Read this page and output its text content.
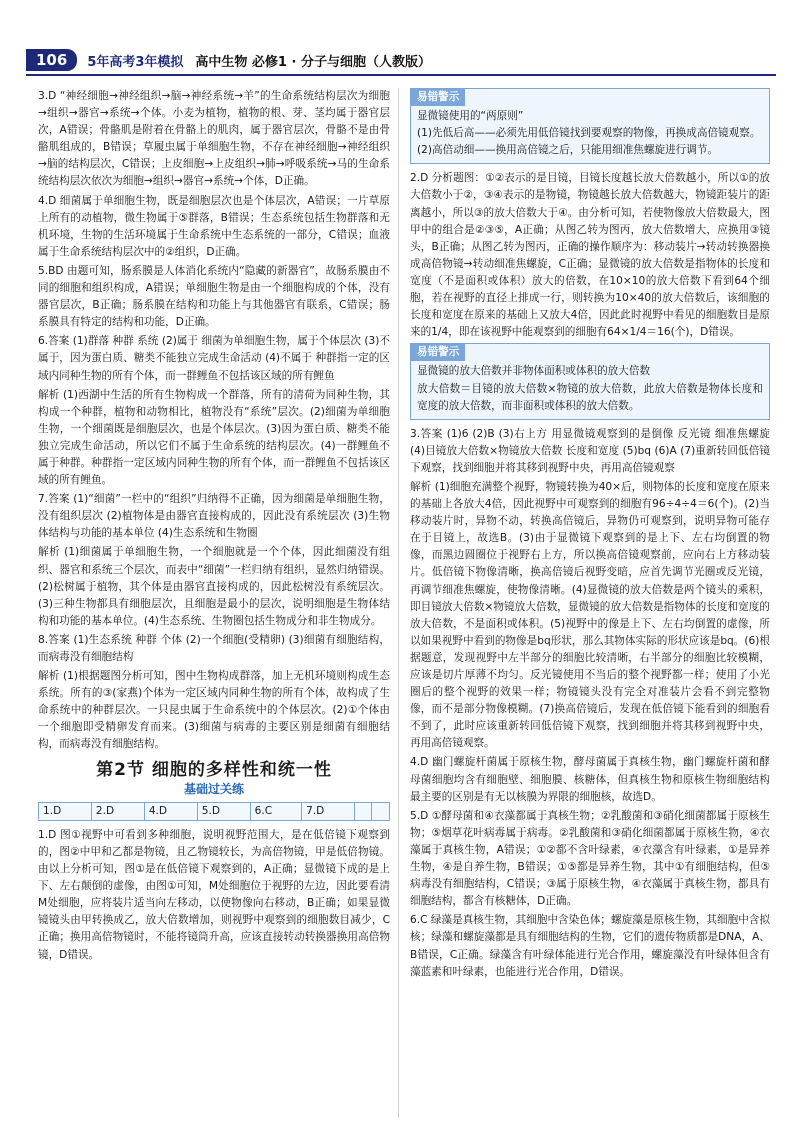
106	5年高考3年模拟 高中生物 必修1 · 分子与细胞（人教版）

3.D “神经细胞→神经组织→脑→神经系统→羊”的生命系统结构层次为细胞→组织→器官→系统→个体。小麦为植物，植物的根、芽、茎均属于器官层次，A错误；骨骼肌是附着在骨骼上的肌肉，属于器官层次，骨骼不是由骨骼肌组成的，B错误；草履虫属于单细胞生物，不存在神经细胞→神经组织→脑的结构层次，C错误；上皮细胞→上皮组织→肺→呼吸系统→马的生命系统结构层次依次为细胞→组织→器官→系统→个体，D正确。

4.D 细菌属于单细胞生物，既是细胞层次也是个体层次，A错误；一片草原上所有的动植物，微生物属于⑤群落，B错误；生态系统包括生物群落和无机环境，生物的生活环境属于生命系统中生态系统的一部分，C错误；血液属于生命系统结构层次中的②组织，D正确。

5.BD 由题可知，肠系膜是人体消化系统内“隐藏的新器官”，故肠系膜由不同的细胞和组织构成，A错误；单细胞生物是由一个细胞构成的个体，没有器官层次，B正确；肠系膜在结构和功能上与其他器官有联系，C错误；肠系膜具有特定的结构和功能，D正确。

6.答案 (1)群落 种群 系统 (2)属于 细菌为单细胞生物，属于个体层次 (3)不属于，因为蛋白质、糖类不能独立完成生命活动 (4)不属于 种群指一定的区域内同种生物的所有个体，而一群鲤鱼不包括该区域的所有鲤鱼

解析 (1)西湖中生活的所有生物构成一个群落，所有的清荷为同种生物，其构成一个种群，植物和动物相比，植物没有“系统”层次。(2)细菌为单细胞生物，一个细菌既是细胞层次，也是个体层次。(3)因为蛋白质、糖类不能独立完成生命活动，所以它们不属于生命系统的结构层次。(4)一群鲤鱼不属于种群。种群指一定区域内同种生物的所有个体，而一群鲤鱼不包括该区域的所有鲤鱼。

7.答案 (1)“细菌”一栏中的“组织”归纳得不正确，因为细菌是单细胞生物，没有组织层次 (2)植物体是由器官直接构成的，因此没有系统层次 (3)生物体结构与功能的基本单位 (4)生态系统和生物圈

解析 (1)细菌属于单细胞生物，一个细胞就是一个个体，因此细菌没有组织、器官和系统三个层次，而表中“细菌”一栏归纳有组织，显然归纳错误。(2)松树属于植物，其个体是由器官直接构成的，因此松树没有系统层次。(3)三种生物都具有细胞层次，且细胞是最小的层次，说明细胞是生物体结构和功能的基本单位。(4)生态系统、生物圈包括生物成分和非生物成分。

8.答案 (1)生态系统 种群 个体 (2)一个细胞(受精卵) (3)细菌有细胞结构，而病毒没有细胞结构

解析 (1)根据题图分析可知，图中生物构成群落，加上无机环境则构成生态系统。所有的③(家燕)个体为一定区域内同种生物的所有个体，故构成了生命系统中的种群层次。一只昆虫属于生命系统中的个体层次。(2)①个体由一个细胞即受精卵发育而来。(3)细菌与病毒的主要区别是细菌有细胞结构，而病毒没有细胞结构。

第2节 细胞的多样性和统一性
基础过关练
1.D	2.D	4.D	5.D	6.C	7.D		

1.D 图①视野中可看到多种细胞，说明视野范围大，是在低倍镜下观察到的，图②中甲和乙都是物镜，且乙物镜较长，为高倍物镜，甲是低倍物镜。由以上分析可知，图①是在低倍镜下观察到的，A正确；显微镜下成的是上下、左右颠倒的虚像，由图①可知，M处细胞位于视野的左边，因此要看清M处细胞，应将装片适当向左移动，以使物像向右移动，B正确；如果显微镜镜头由甲转换成乙，放大倍数增加，则视野中观察到的细胞数目减少，C正确；换用高倍物镜时，不能将镜筒升高，应该直接转动转换器换用高倍物镜，D错误。

易错警示

显微镜使用的“两原则”

(1)先低后高——必须先用低倍镜找到要观察的物像，再换成高倍镜观察。

(2)高倍动细——换用高倍镜之后，只能用细准焦螺旋进行调节。

2.D 分析题图：①②表示的是目镜，目镜长度越长放大倍数越小，所以①的放大倍数小于②，③④表示的是物镜，物镜越长放大倍数越大，物镜距装片的距离越小，所以③的放大倍数大于④。由分析可知，若使物像放大倍数最大，图甲中的组合是②③⑤，A正确；从图乙转为图丙，放大倍数增大，应换用③镜头，B正确；从图乙转为图丙，正确的操作顺序为：移动装片→转动转换器换成高倍物镜→转动细准焦螺旋，C正确；显微镜的放大倍数是指物体的长度和宽度（不是面积或体积）放大的倍数，在10×10的放大倍数下看到64个细胞，若在视野的直径上排成一行，则转换为10×40的放大倍数后，该细胞的长度和宽度在原来的基础上又放大4倍，因此此时视野中看见的细胞数目是原来的1/4，即在该视野中能观察到的细胞有64×1/4＝16(个)，D错误。

易错警示

显微镜的放大倍数并非物体面积或体积的放大倍数

放大倍数＝目镜的放大倍数×物镜的放大倍数，此放大倍数是物体长度和宽度的放大倍数，而非面积或体积的放大倍数。

3.答案 (1)6 (2)B (3)右上方 用显微镜观察到的是倒像 反光镜 细准焦螺旋 (4)目镜放大倍数×物镜放大倍数 长度和宽度 (5)bq (6)A (7)重新转回低倍镜下观察，找到细胞并将其移到视野中央，再用高倍镜观察

解析 (1)细胞充满整个视野，物镜转换为40×后，则物体的长度和宽度在原来的基础上各放大4倍，因此视野中可观察到的细胞有96÷4÷4＝6(个)。(2)当移动装片时，异物不动，转换高倍镜后，异物仍可观察到，说明异物可能存在于目镜上，故选B。(3)由于显微镜下观察到的是上下、左右均倒置的物像，而黑边圆圈位于视野右上方，所以换高倍镜观察前，应向右上方移动装片。低倍镜下物像清晰，换高倍镜后视野变暗，应首先调节光圈或反光镜，再调节细准焦螺旋，使物像清晰。(4)显微镜的放大倍数是两个镜头的乘积，即目镜放大倍数×物镜放大倍数，显微镜的放大倍数是指物体的长度和宽度的放大倍数，不是面积或体积。(5)视野中的像是上下、左右均倒置的虚像，所以如果视野中看到的物像是bq形状，那么其物体实际的形状应该是bq。(6)根据题意，发现视野中左半部分的细胞比较清晰，右半部分的细胞比较模糊，应该是切片厚薄不均匀。反光镜使用不当后的整个视野都一样；使用了小光圈后的整个视野的效果一样；物镜镜头没有完全对准装片会看不到完整物像，而不是部分物像模糊。(7)换高倍镜后，发现在低倍镜下能看到的细胞看不到了，此时应该重新转回低倍镜下观察，找到细胞并将其移到视野中央，再用高倍镜观察。

4.D 幽门螺旋杆菌属于原核生物，酵母菌属于真核生物，幽门螺旋杆菌和酵母菌细胞均含有细胞壁、细胞膜、核糖体，但真核生物和原核生物细胞结构最主要的区别是有无以核膜为界限的细胞核，故选D。

5.D ①酵母菌和④衣藻都属于真核生物；②乳酸菌和③硝化细菌都属于原核生物；⑤烟草花叶病毒属于病毒。②乳酸菌和③硝化细菌都属于原核生物，④衣藻属于真核生物，A错误；①②都不含叶绿素，④衣藻含有叶绿素，①是异养生物，④是自养生物，B错误；①⑤都是异养生物，其中①有细胞结构，但⑤病毒没有细胞结构，C错误；③属于原核生物，④衣藻属于真核生物，都具有细胞结构，都含有核糖体，D正确。

6.C 绿藻是真核生物，其细胞中含染色体；螺旋藻是原核生物，其细胞中含拟核；绿藻和螺旋藻都是具有细胞结构的生物，它们的遗传物质都是DNA，A、B错误，C正确。绿藻含有叶绿体能进行光合作用，螺旋藻没有叶绿体但含有藻蓝素和叶绿素，也能进行光合作用，D错误。
